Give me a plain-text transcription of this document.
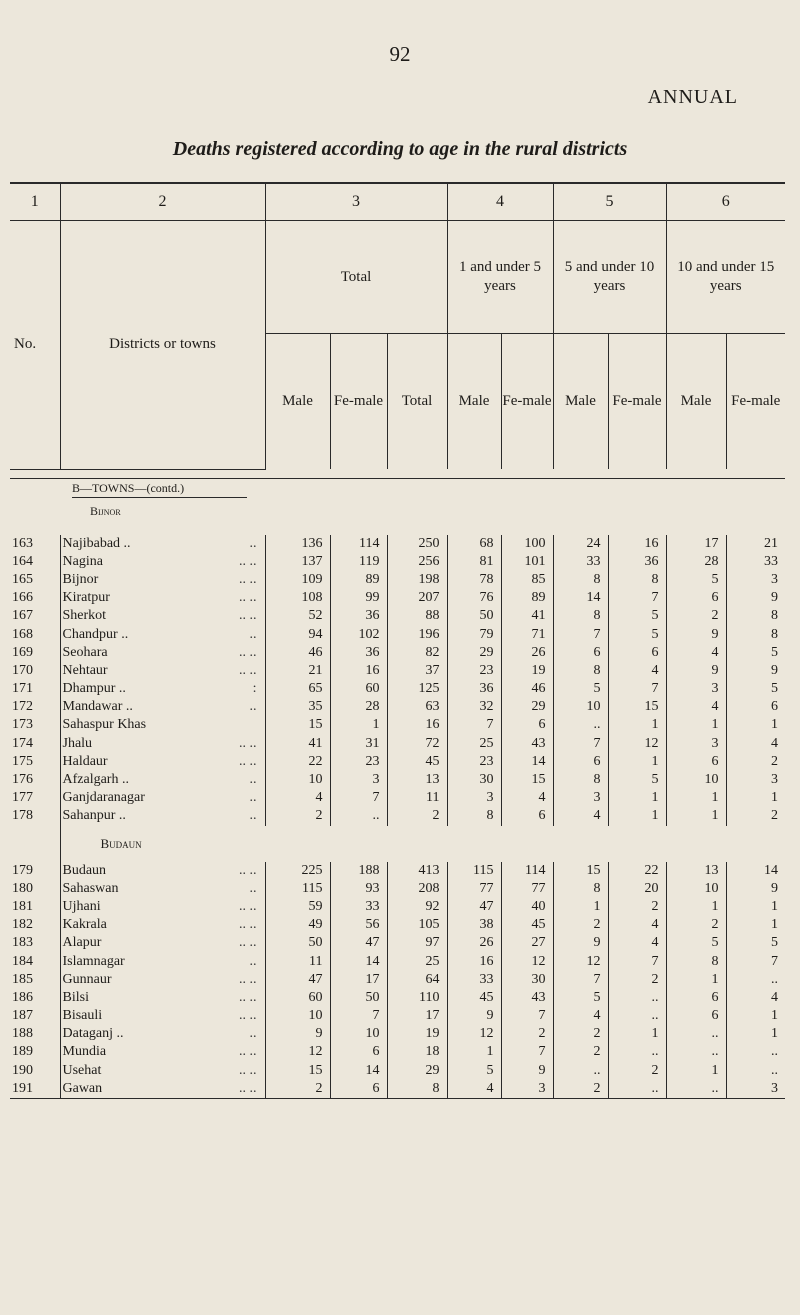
92
ANNUAL
Deaths registered according to age in the rural districts
1	2	3			4		5		6	
No.	Districts or towns	Total			1 and under 5 years		5 and under 10 years		10 and under 15 years	
		Male	Fe-male	Total	Male	Fe-male	Male	Fe-male	Male	Fe-male

B—TOWNS—(contd.)										

Bijnor										

163	Najibabad .. ..	136	114	250	68	100	24	16	17	21
164	Nagina .. ..	137	119	256	81	101	33	36	28	33
165	Bijnor .. ..	109	89	198	78	85	8	8	5	3
166	Kiratpur .. ..	108	99	207	76	89	14	7	6	9
167	Sherkot .. ..	52	36	88	50	41	8	5	2	8
168	Chandpur .. ..	94	102	196	79	71	7	5	9	8
169	Seohara .. ..	46	36	82	29	26	6	6	4	5
170	Nehtaur .. ..	21	16	37	23	19	8	4	9	9
171	Dhampur .. :	65	60	125	36	46	5	7	3	5
172	Mandawar .. ..	35	28	63	32	29	10	15	4	6
173	Sahaspur Khas	15	1	16	7	6	..	1	1	1
174	Jhalu .. ..	41	31	72	25	43	7	12	3	4
175	Haldaur .. ..	22	23	45	23	14	6	1	6	2
176	Afzalgarh .. ..	10	3	13	30	15	8	5	10	3
177	Ganjdaranagar ..	4	7	11	3	4	3	1	1	1
178	Sahanpur .. ..	2	..	2	8	6	4	1	1	2
	Budaun									
179	Budaun .. ..	225	188	413	115	114	15	22	13	14
180	Sahaswan ..	115	93	208	77	77	8	20	10	9
181	Ujhani .. ..	59	33	92	47	40	1	2	1	1
182	Kakrala .. ..	49	56	105	38	45	2	4	2	1
183	Alapur .. ..	50	47	97	26	27	9	4	5	5
184	Islamnagar ..	11	14	25	16	12	12	7	8	7
185	Gunnaur .. ..	47	17	64	33	30	7	2	1	..
186	Bilsi .. ..	60	50	110	45	43	5	..	6	4
187	Bisauli .. ..	10	7	17	9	7	4	..	6	1
188	Dataganj .. ..	9	10	19	12	2	2	1	..	1
189	Mundia .. ..	12	6	18	1	7	2	..	..	..
190	Usehat .. ..	15	14	29	5	9	..	2	1	..
191	Gawan .. ..	2	6	8	4	3	2	..	..	3
